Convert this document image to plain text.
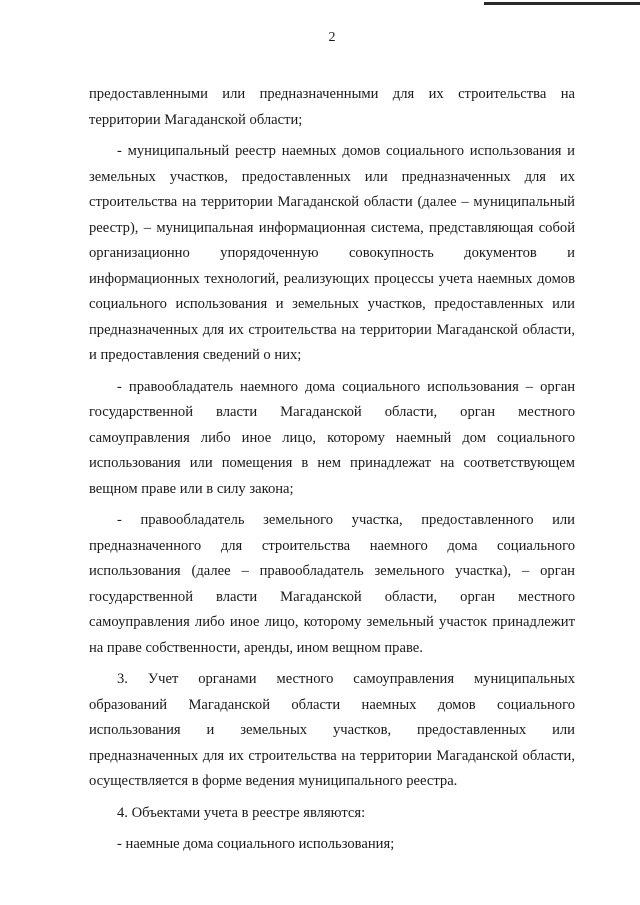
2

предоставленными или предназначенными для их строительства на территории Магаданской области;

- муниципальный реестр наемных домов социального использования и земельных участков, предоставленных или предназначенных для их строительства на территории Магаданской области (далее – муниципальный реестр), – муниципальная информационная система, представляющая собой организационно упорядоченную совокупность документов и информационных технологий, реализующих процессы учета наемных домов социального использования и земельных участков, предоставленных или предназначенных для их строительства на территории Магаданской области, и предоставления сведений о них;

- правообладатель наемного дома социального использования – орган государственной власти Магаданской области, орган местного самоуправления либо иное лицо, которому наемный дом социального использования или помещения в нем принадлежат на соответствующем вещном праве или в силу закона;

- правообладатель земельного участка, предоставленного или предназначенного для строительства наемного дома социального использования (далее – правообладатель земельного участка), – орган государственной власти Магаданской области, орган местного самоуправления либо иное лицо, которому земельный участок принадлежит на праве собственности, аренды, ином вещном праве.

3. Учет органами местного самоуправления муниципальных образований Магаданской области наемных домов социального использования и земельных участков, предоставленных или предназначенных для их строительства на территории Магаданской области, осуществляется в форме ведения муниципального реестра.

4. Объектами учета в реестре являются:

- наемные дома социального использования;
